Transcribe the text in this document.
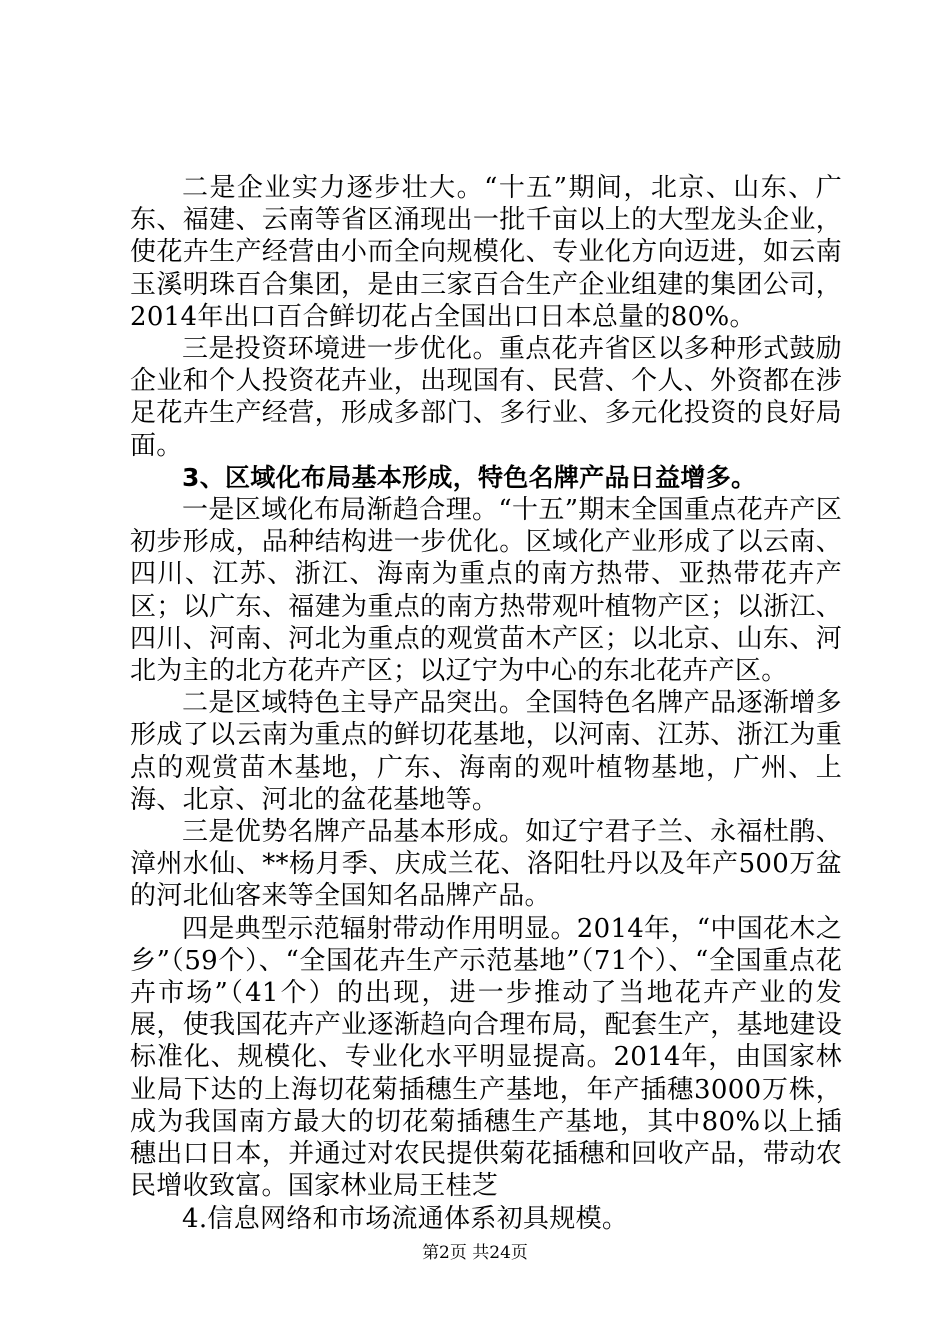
二是企业实力逐步壮大。“十五”期间，北京、山东、广东、福建、云南等省区涌现出一批千亩以上的大型龙头企业，使花卉生产经营由小而全向规模化、专业化方向迈进，如云南玉溪明珠百合集团，是由三家百合生产企业组建的集团公司，2014年出口百合鲜切花占全国出口日本总量的80%。

三是投资环境进一步优化。重点花卉省区以多种形式鼓励企业和个人投资花卉业，出现国有、民营、个人、外资都在涉足花卉生产经营，形成多部门、多行业、多元化投资的良好局面。

3、区域化布局基本形成，特色名牌产品日益增多。

一是区域化布局渐趋合理。“十五”期末全国重点花卉产区初步形成，品种结构进一步优化。区域化产业形成了以云南、四川、江苏、浙江、海南为重点的南方热带、亚热带花卉产区；以广东、福建为重点的南方热带观叶植物产区；以浙江、四川、河南、河北为重点的观赏苗木产区；以北京、山东、河北为主的北方花卉产区；以辽宁为中心的东北花卉产区。

二是区域特色主导产品突出。全国特色名牌产品逐渐增多形成了以云南为重点的鲜切花基地，以河南、江苏、浙江为重点的观赏苗木基地，广东、海南的观叶植物基地，广州、上海、北京、河北的盆花基地等。

三是优势名牌产品基本形成。如辽宁君子兰、永福杜鹃、漳州水仙、**杨月季、庆成兰花、洛阳牡丹以及年产500万盆的河北仙客来等全国知名品牌产品。

四是典型示范辐射带动作用明显。2014年，“中国花木之乡”（59个）、“全国花卉生产示范基地”（71个）、“全国重点花卉市场”（41个）的出现，进一步推动了当地花卉产业的发展，使我国花卉产业逐渐趋向合理布局，配套生产，基地建设标准化、规模化、专业化水平明显提高。2014年，由国家林业局下达的上海切花菊插穗生产基地，年产插穗3000万株，成为我国南方最大的切花菊插穗生产基地，其中80%以上插穗出口日本，并通过对农民提供菊花插穗和回收产品，带动农民增收致富。国家林业局王桂芝

4.信息网络和市场流通体系初具规模。

第2页 共24页
